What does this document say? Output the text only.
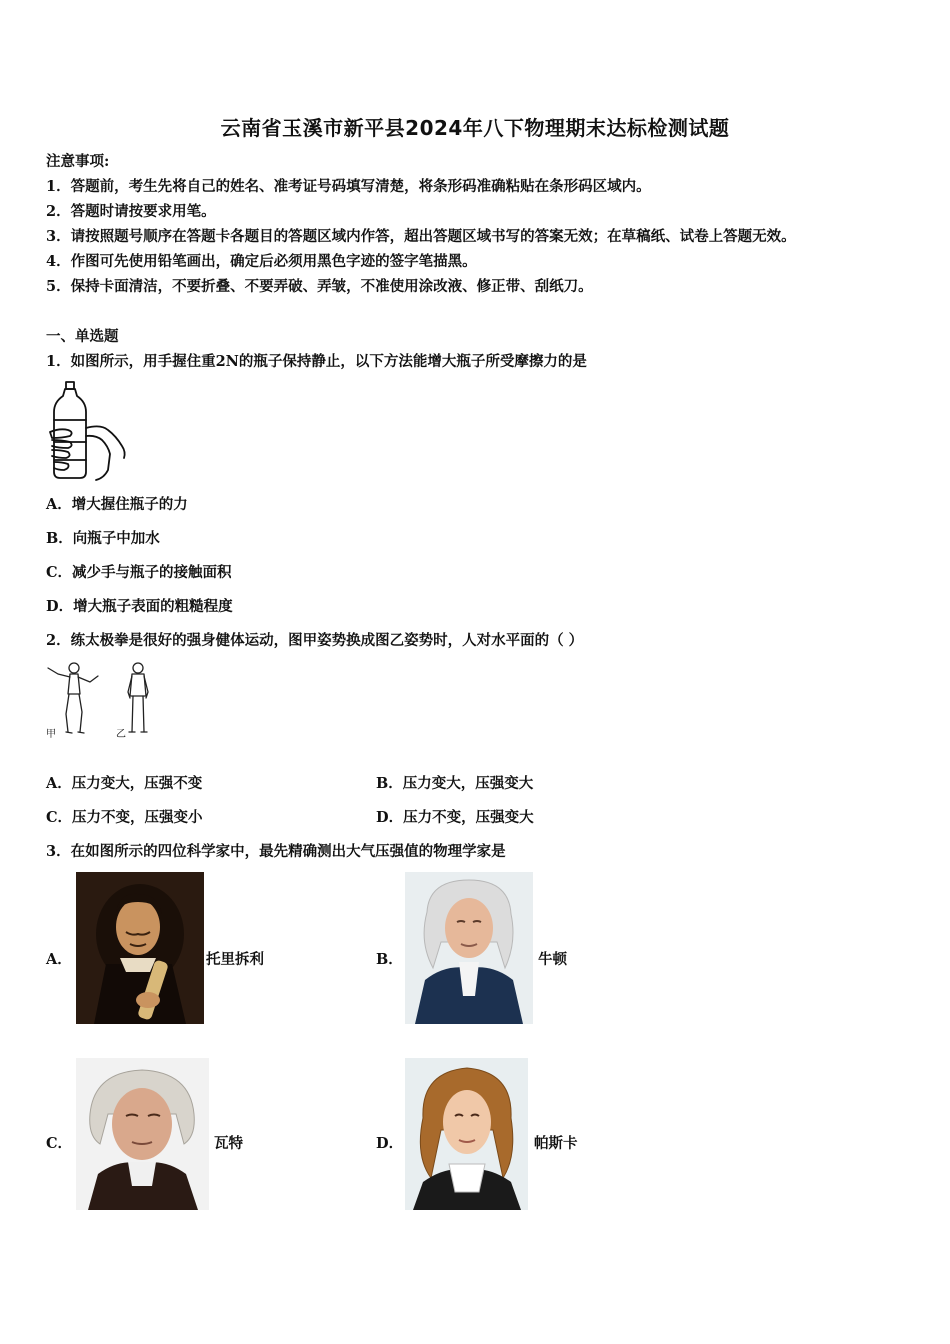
云南省玉溪市新平县2024年八下物理期末达标检测试题
注意事项:
1．答题前，考生先将自己的姓名、准考证号码填写清楚，将条形码准确粘贴在条形码区域内。
2．答题时请按要求用笔。
3．请按照题号顺序在答题卡各题目的答题区域内作答，超出答题区域书写的答案无效；在草稿纸、试卷上答题无效。
4．作图可先使用铅笔画出，确定后必须用黑色字迹的签字笔描黑。
5．保持卡面清洁，不要折叠、不要弄破、弄皱，不准使用涂改液、修正带、刮纸刀。
一、单选题
1．如图所示，用手握住重2N的瓶子保持静止，以下方法能增大瓶子所受摩擦力的是
A．增大握住瓶子的力
B．向瓶子中加水
C．减少手与瓶子的接触面积
D．增大瓶子表面的粗糙程度
2．练太极拳是很好的强身健体运动，图甲姿势换成图乙姿势时，人对水平面的（ ）
甲	乙
A．压力变大，压强不变	B．压力变大，压强变大
C．压力不变，压强变小	D．压力不变，压强变大
3．在如图所示的四位科学家中，最先精确测出大气压强值的物理学家是
A．	托里拆利	B．	牛顿
C．	瓦特	D．	帕斯卡
